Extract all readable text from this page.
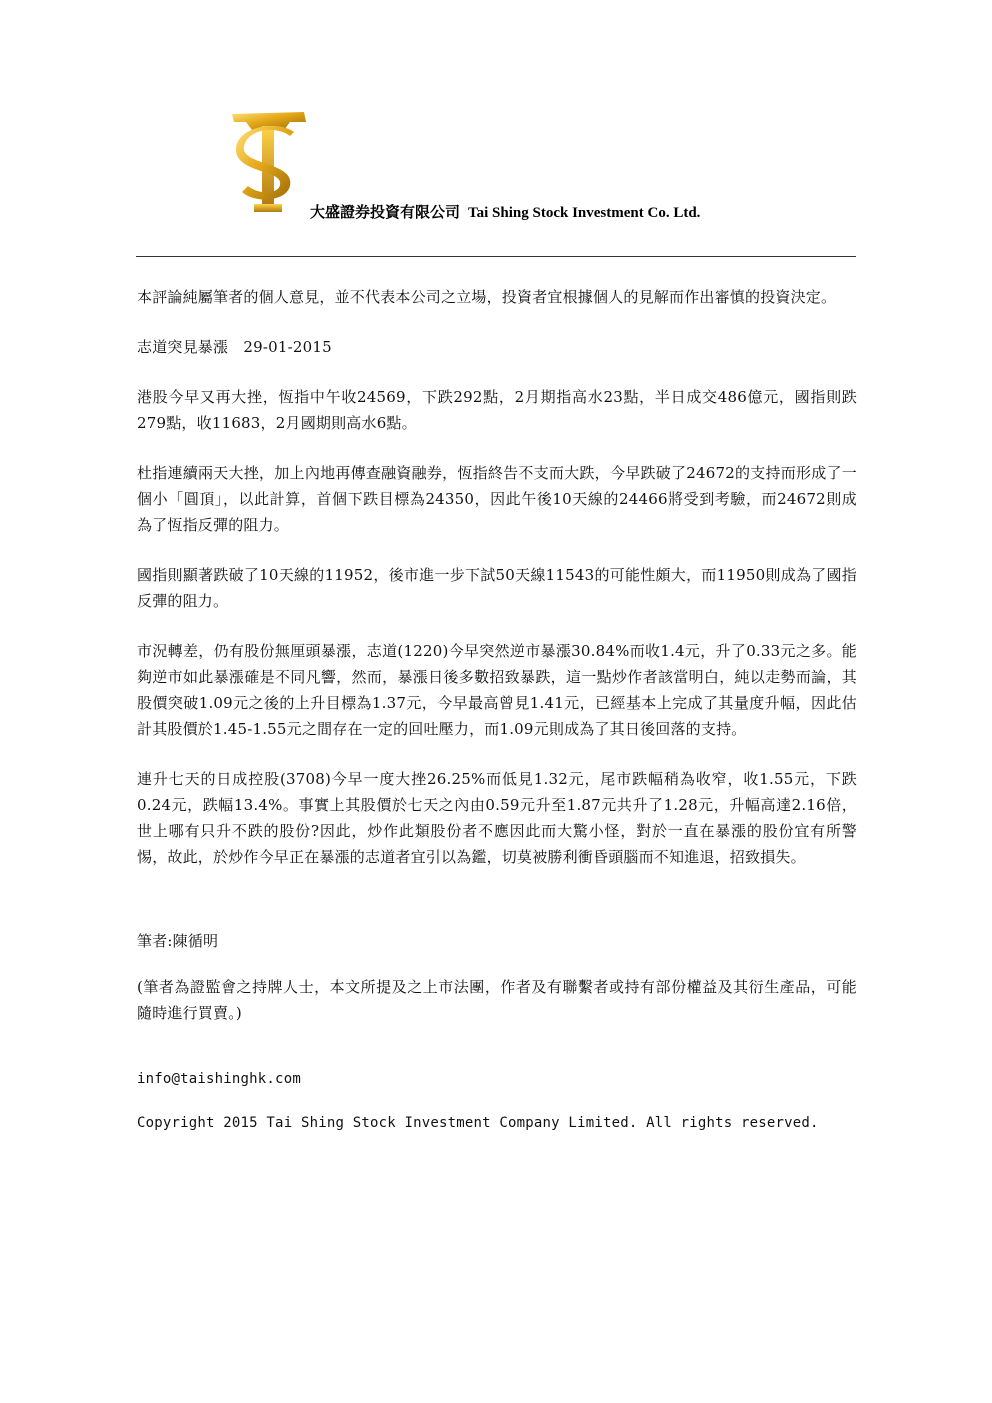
大盛證券投資有限公司 Tai Shing Stock Investment Co. Ltd.

本評論純屬筆者的個人意見，並不代表本公司之立場，投資者宜根據個人的見解而作出審慎的投資決定。

志道突見暴漲　29-01-2015

港股今早又再大挫，恆指中午收24569，下跌292點，2月期指高水23點，半日成交486億元，國指則跌279點，收11683，2月國期則高水6點。

杜指連續兩天大挫，加上內地再傳查融資融券，恆指終告不支而大跌，今早跌破了24672的支持而形成了一個小「圓頂」，以此計算，首個下跌目標為24350，因此午後10天線的24466將受到考驗，而24672則成為了恆指反彈的阻力。

國指則顯著跌破了10天線的11952，後市進一步下試50天線11543的可能性頗大，而11950則成為了國指反彈的阻力。

市況轉差，仍有股份無厘頭暴漲，志道(1220)今早突然逆市暴漲30.84%而收1.4元，升了0.33元之多。能夠逆市如此暴漲確是不同凡響，然而，暴漲日後多數招致暴跌，這一點炒作者該當明白，純以走勢而論，其股價突破1.09元之後的上升目標為1.37元，今早最高曾見1.41元，已經基本上完成了其量度升幅，因此估計其股價於1.45-1.55元之間存在一定的回吐壓力，而1.09元則成為了其日後回落的支持。

連升七天的日成控股(3708)今早一度大挫26.25%而低見1.32元，尾市跌幅稍為收窄，收1.55元，下跌0.24元，跌幅13.4%。事實上其股價於七天之內由0.59元升至1.87元共升了1.28元，升幅高達2.16倍，世上哪有只升不跌的股份?因此，炒作此類股份者不應因此而大驚小怪，對於一直在暴漲的股份宜有所警惕，故此，於炒作今早正在暴漲的志道者宜引以為鑑，切莫被勝利衝昏頭腦而不知進退，招致損失。

筆者:陳循明

(筆者為證監會之持牌人士，本文所提及之上市法團，作者及有聯繫者或持有部份權益及其衍生產品，可能隨時進行買賣。)

info@taishinghk.com

Copyright 2015 Tai Shing Stock Investment Company Limited. All rights reserved.
